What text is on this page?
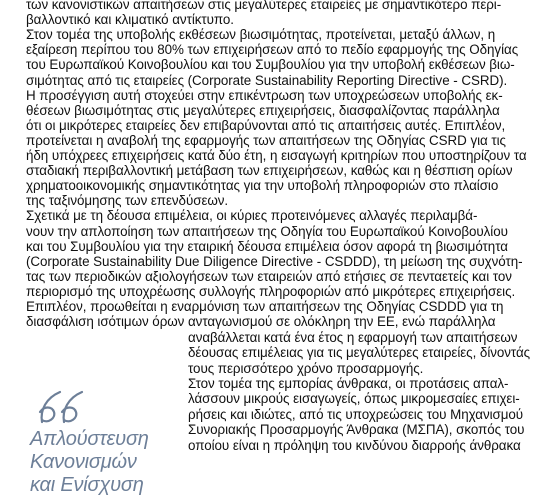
των κανονιστικών απαιτήσεων στις μεγαλύτερες εταιρείες με σημαντικότερο περι-
βαλλοντικό και κλιματικό αντίκτυπο.
Στον τομέα της υποβολής εκθέσεων βιωσιμότητας, προτείνεται, μεταξύ άλλων, η
εξαίρεση περίπου του 80% των επιχειρήσεων από το πεδίο εφαρμογής της Οδηγίας
του Ευρωπαϊκού Κοινοβουλίου και του Συμβουλίου για την υποβολή εκθέσεων βιω-
σιμότητας από τις εταιρείες (Corporate Sustainability Reporting Directive - CSRD).
Η προσέγγιση αυτή στοχεύει στην επικέντρωση των υποχρεώσεων υποβολής εκ-
θέσεων βιωσιμότητας στις μεγαλύτερες επιχειρήσεις, διασφαλίζοντας παράλληλα
ότι οι μικρότερες εταιρείες δεν επιβαρύνονται από τις απαιτήσεις αυτές. Επιπλέον,
προτείνεται η αναβολή της εφαρμογής των απαιτήσεων της Οδηγίας CSRD για τις
ήδη υπόχρεες επιχειρήσεις κατά δύο έτη, η εισαγωγή κριτηρίων που υποστηρίζουν τα
σταδιακή περιβαλλοντική μετάβαση των επιχειρήσεων, καθώς και η θέσπιση ορίων
χρηματοοικονομικής σημαντικότητας για την υποβολή πληροφοριών στο πλαίσιο
της ταξινόμησης των επενδύσεων.
Σχετικά με τη δέουσα επιμέλεια, οι κύριες προτεινόμενες αλλαγές περιλαμβά-
νουν την απλοποίηση των απαιτήσεων της Οδηγία του Ευρωπαϊκού Κοινοβουλίου
και του Συμβουλίου για την εταιρική δέουσα επιμέλεια όσον αφορά τη βιωσιμότητα
(Corporate Sustainability Due Diligence Directive - CSDDD), τη μείωση της συχνότη-
τας των περιοδικών αξιολογήσεων των εταιρειών από ετήσιες σε πενταετείς και τον
περιορισμό της υποχρέωσης συλλογής πληροφοριών από μικρότερες επιχειρήσεις.
Επιπλέον, προωθείται η εναρμόνιση των απαιτήσεων της Οδηγίας CSDDD για τη
διασφάλιση ισότιμων όρων ανταγωνισμού σε ολόκληρη την ΕΕ, ενώ παράλληλα
αναβάλλεται κατά ένα έτος η εφαρμογή των απαιτήσεων
δέουσας επιμέλειας για τις μεγαλύτερες εταιρείες, δίνοντάς
τους περισσότερο χρόνο προσαρμογής.
Στον τομέα της εμπορίας άνθρακα, οι προτάσεις απαλ-
λάσσουν μικρούς εισαγωγείς, όπως μικρομεσαίες επιχει-
ρήσεις και ιδιώτες, από τις υποχρεώσεις του Μηχανισμού
Συνοριακής Προσαρμογής Άνθρακα (ΜΣΠΑ), σκοπός του
οποίου είναι η πρόληψη του κινδύνου διαρροής άνθρακα
Απλούστευση
Κανονισμών
και Ενίσχυση
